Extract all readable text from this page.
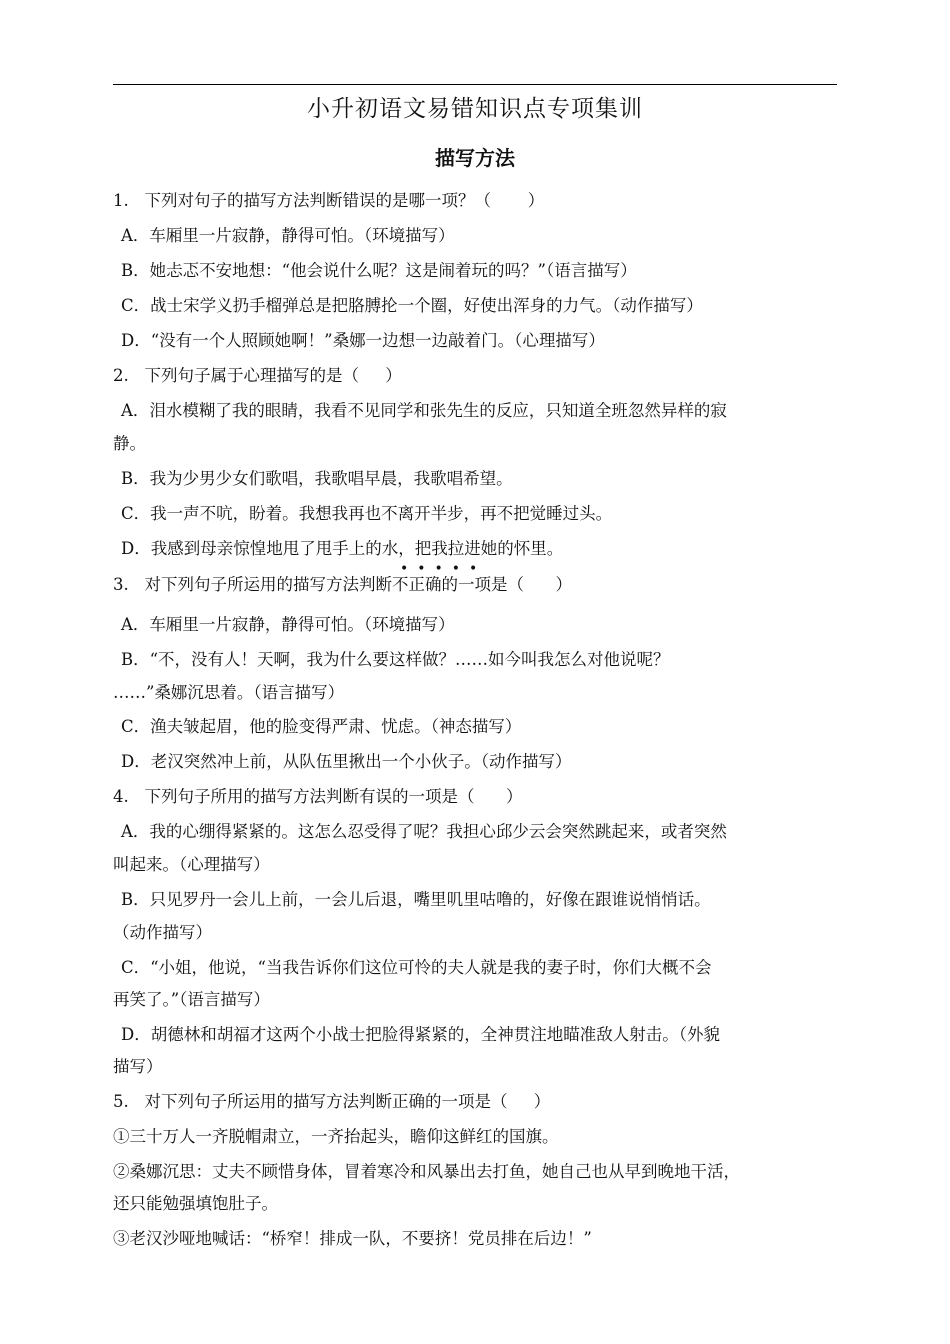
小升初语文易错知识点专项集训
描写方法
1.   下列对句子的描写方法判断错误的是哪一项？（       ）
A．车厢里一片寂静，静得可怕。（环境描写）
B．她忐忑不安地想：“他会说什么呢？这是闹着玩的吗？”（语言描写）
C．战士宋学义扔手榴弹总是把胳膊抡一个圈，好使出浑身的力气。（动作描写）
D．“没有一个人照顾她啊！”桑娜一边想一边敲着门。（心理描写）
2.   下列句子属于心理描写的是（     ）
A．泪水模糊了我的眼睛，我看不见同学和张先生的反应，只知道全班忽然异样的寂
静。
B．我为少男少女们歌唱，我歌唱早晨，我歌唱希望。
C．我一声不吭，盼着。我想我再也不离开半步，再不把觉睡过头。
D．我感到母亲惊惶地甩了甩手上的水，把我拉进她的怀里。
•••••
3.   对下列句子所运用的描写方法判断不正确的一项是（      ）
A．车厢里一片寂静，静得可怕。（环境描写）
B．“不，没有人！天啊，我为什么要这样做？……如今叫我怎么对他说呢？
……”桑娜沉思着。（语言描写）
C．渔夫皱起眉，他的脸变得严肃、忧虑。（神态描写）
D．老汉突然冲上前，从队伍里揪出一个小伙子。（动作描写）
4.   下列句子所用的描写方法判断有误的一项是（      ）
A．我的心绷得紧紧的。这怎么忍受得了呢？我担心邱少云会突然跳起来，或者突然
叫起来。（心理描写）
B．只见罗丹一会儿上前，一会儿后退，嘴里叽里咕噜的，好像在跟谁说悄悄话。
（动作描写）
C．“小姐，他说，“当我告诉你们这位可怜的夫人就是我的妻子时，你们大概不会
再笑了。”（语言描写）
D．胡德林和胡福才这两个小战士把脸得紧紧的，全神贯注地瞄准敌人射击。（外貌
描写）
5.   对下列句子所运用的描写方法判断正确的一项是（     ）
①三十万人一齐脱帽肃立，一齐抬起头，瞻仰这鲜红的国旗。
②桑娜沉思：丈夫不顾惜身体，冒着寒冷和风暴出去打鱼，她自己也从早到晚地干活，
还只能勉强填饱肚子。
③老汉沙哑地喊话：“桥窄！排成一队，不要挤！党员排在后边！”
